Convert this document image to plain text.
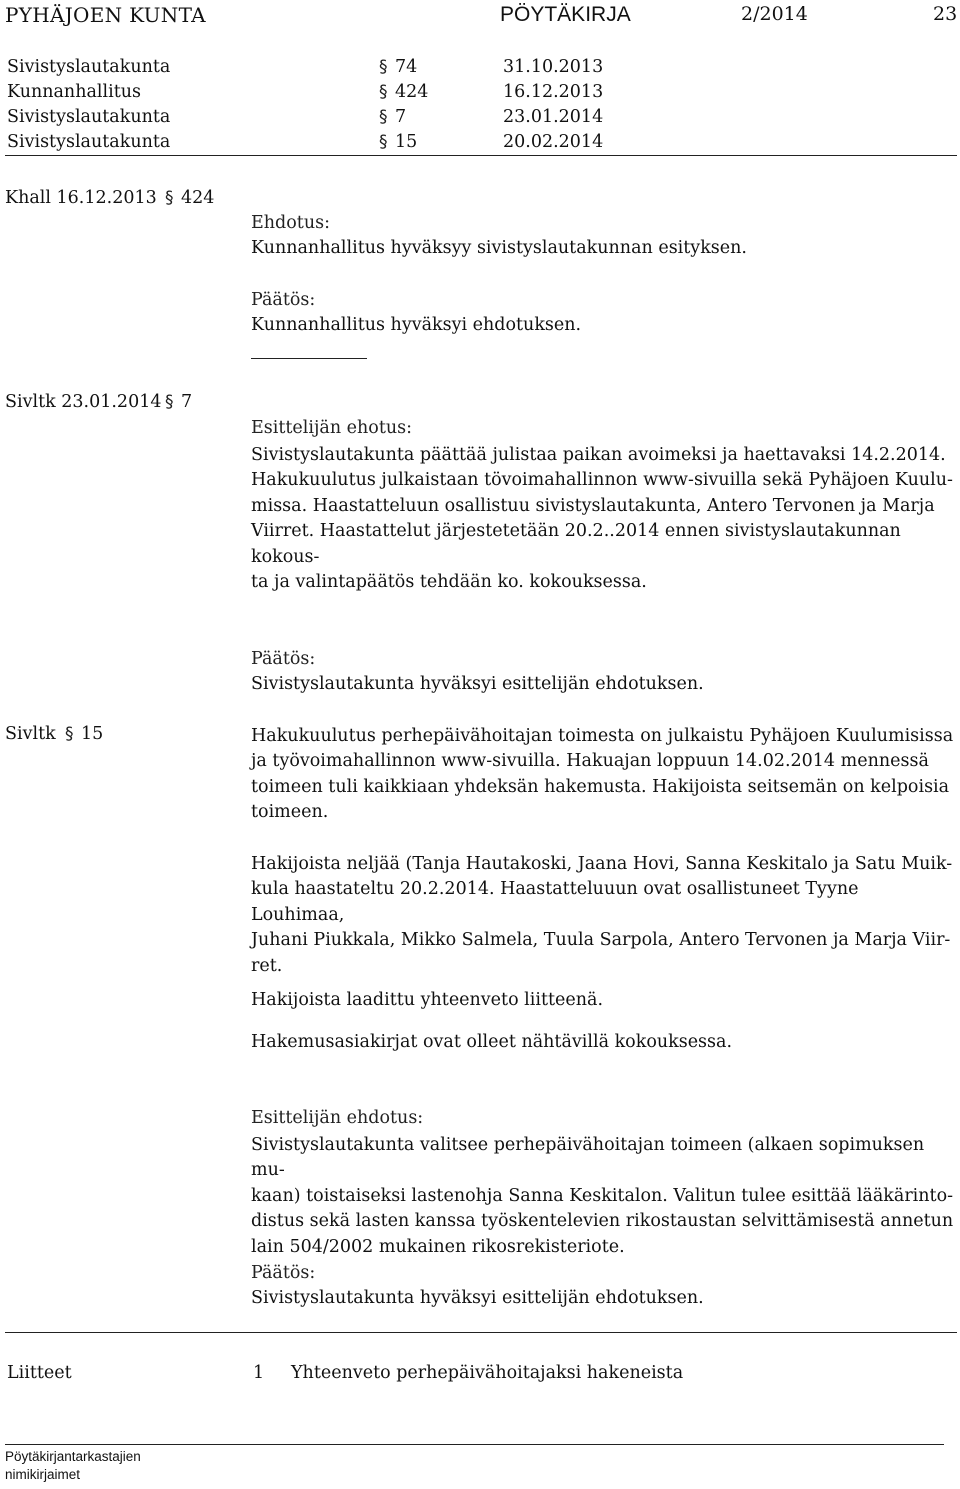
PYHÄJOEN KUNTA	PÖYTÄKIRJA	2/2014	23
Sivistyslautakunta	§ 74	31.10.2013
Kunnanhallitus	§ 424	16.12.2013
Sivistyslautakunta	§ 7	23.01.2014
Sivistyslautakunta	§ 15	20.02.2014
Khall 16.12.2013 § 424
Ehdotus:
Kunnanhallitus hyväksyy sivistyslautakunnan esityksen.
Päätös:
Kunnanhallitus hyväksyi ehdotuksen.
Sivltk 23.01.2014 § 7
Esittelijän ehotus:

Sivistyslautakunta päättää julistaa paikan avoimeksi ja haettavaksi 14.2.2014.

Hakukuulutus julkaistaan tövoimahallinnon www-sivuilla sekä Pyhäjoen Kuulu-

missa. Haastatteluun osallistuu sivistyslautakunta, Antero Tervonen ja Marja

Viirret. Haastattelut järjestetetään 20.2..2014 ennen sivistyslautakunnan kokous-

ta ja valintapäätös tehdään ko. kokouksessa.

Päätös:
Sivistyslautakunta hyväksyi esittelijän ehdotuksen.
Sivltk § 15	Hakukuulutus perhepäivähoitajan toimesta on julkaistu Pyhäjoen Kuulumisissa

ja työvoimahallinnon www-sivuilla. Hakuajan loppuun 14.02.2014 mennessä

toimeen tuli kaikkiaan yhdeksän hakemusta. Hakijoista seitsemän on kelpoisia

toimeen.

Hakijoista neljää (Tanja Hautakoski, Jaana Hovi, Sanna Keskitalo ja Satu Muik-

kula haastateltu 20.2.2014. Haastatteluuun ovat osallistuneet Tyyne Louhimaa,

Juhani Piukkala, Mikko Salmela, Tuula Sarpola, Antero Tervonen ja Marja Viir-

ret.

Hakijoista laadittu yhteenveto liitteenä.
Hakemusasiakirjat ovat olleet nähtävillä kokouksessa.
Esittelijän ehdotus:

Sivistyslautakunta valitsee perhepäivähoitajan toimeen (alkaen sopimuksen mu-

kaan) toistaiseksi lastenohja Sanna Keskitalon. Valitun tulee esittää lääkärinto-

distus sekä lasten kanssa työskentelevien rikostaustan selvittämisestä annetun

lain 504/2002 mukainen rikosrekisteriote.

Päätös:
Sivistyslautakunta hyväksyi esittelijän ehdotuksen.
Liitteet	1 Yhteenveto perhepäivähoitajaksi hakeneista
Pöytäkirjantarkastajien
nimikirjaimet
